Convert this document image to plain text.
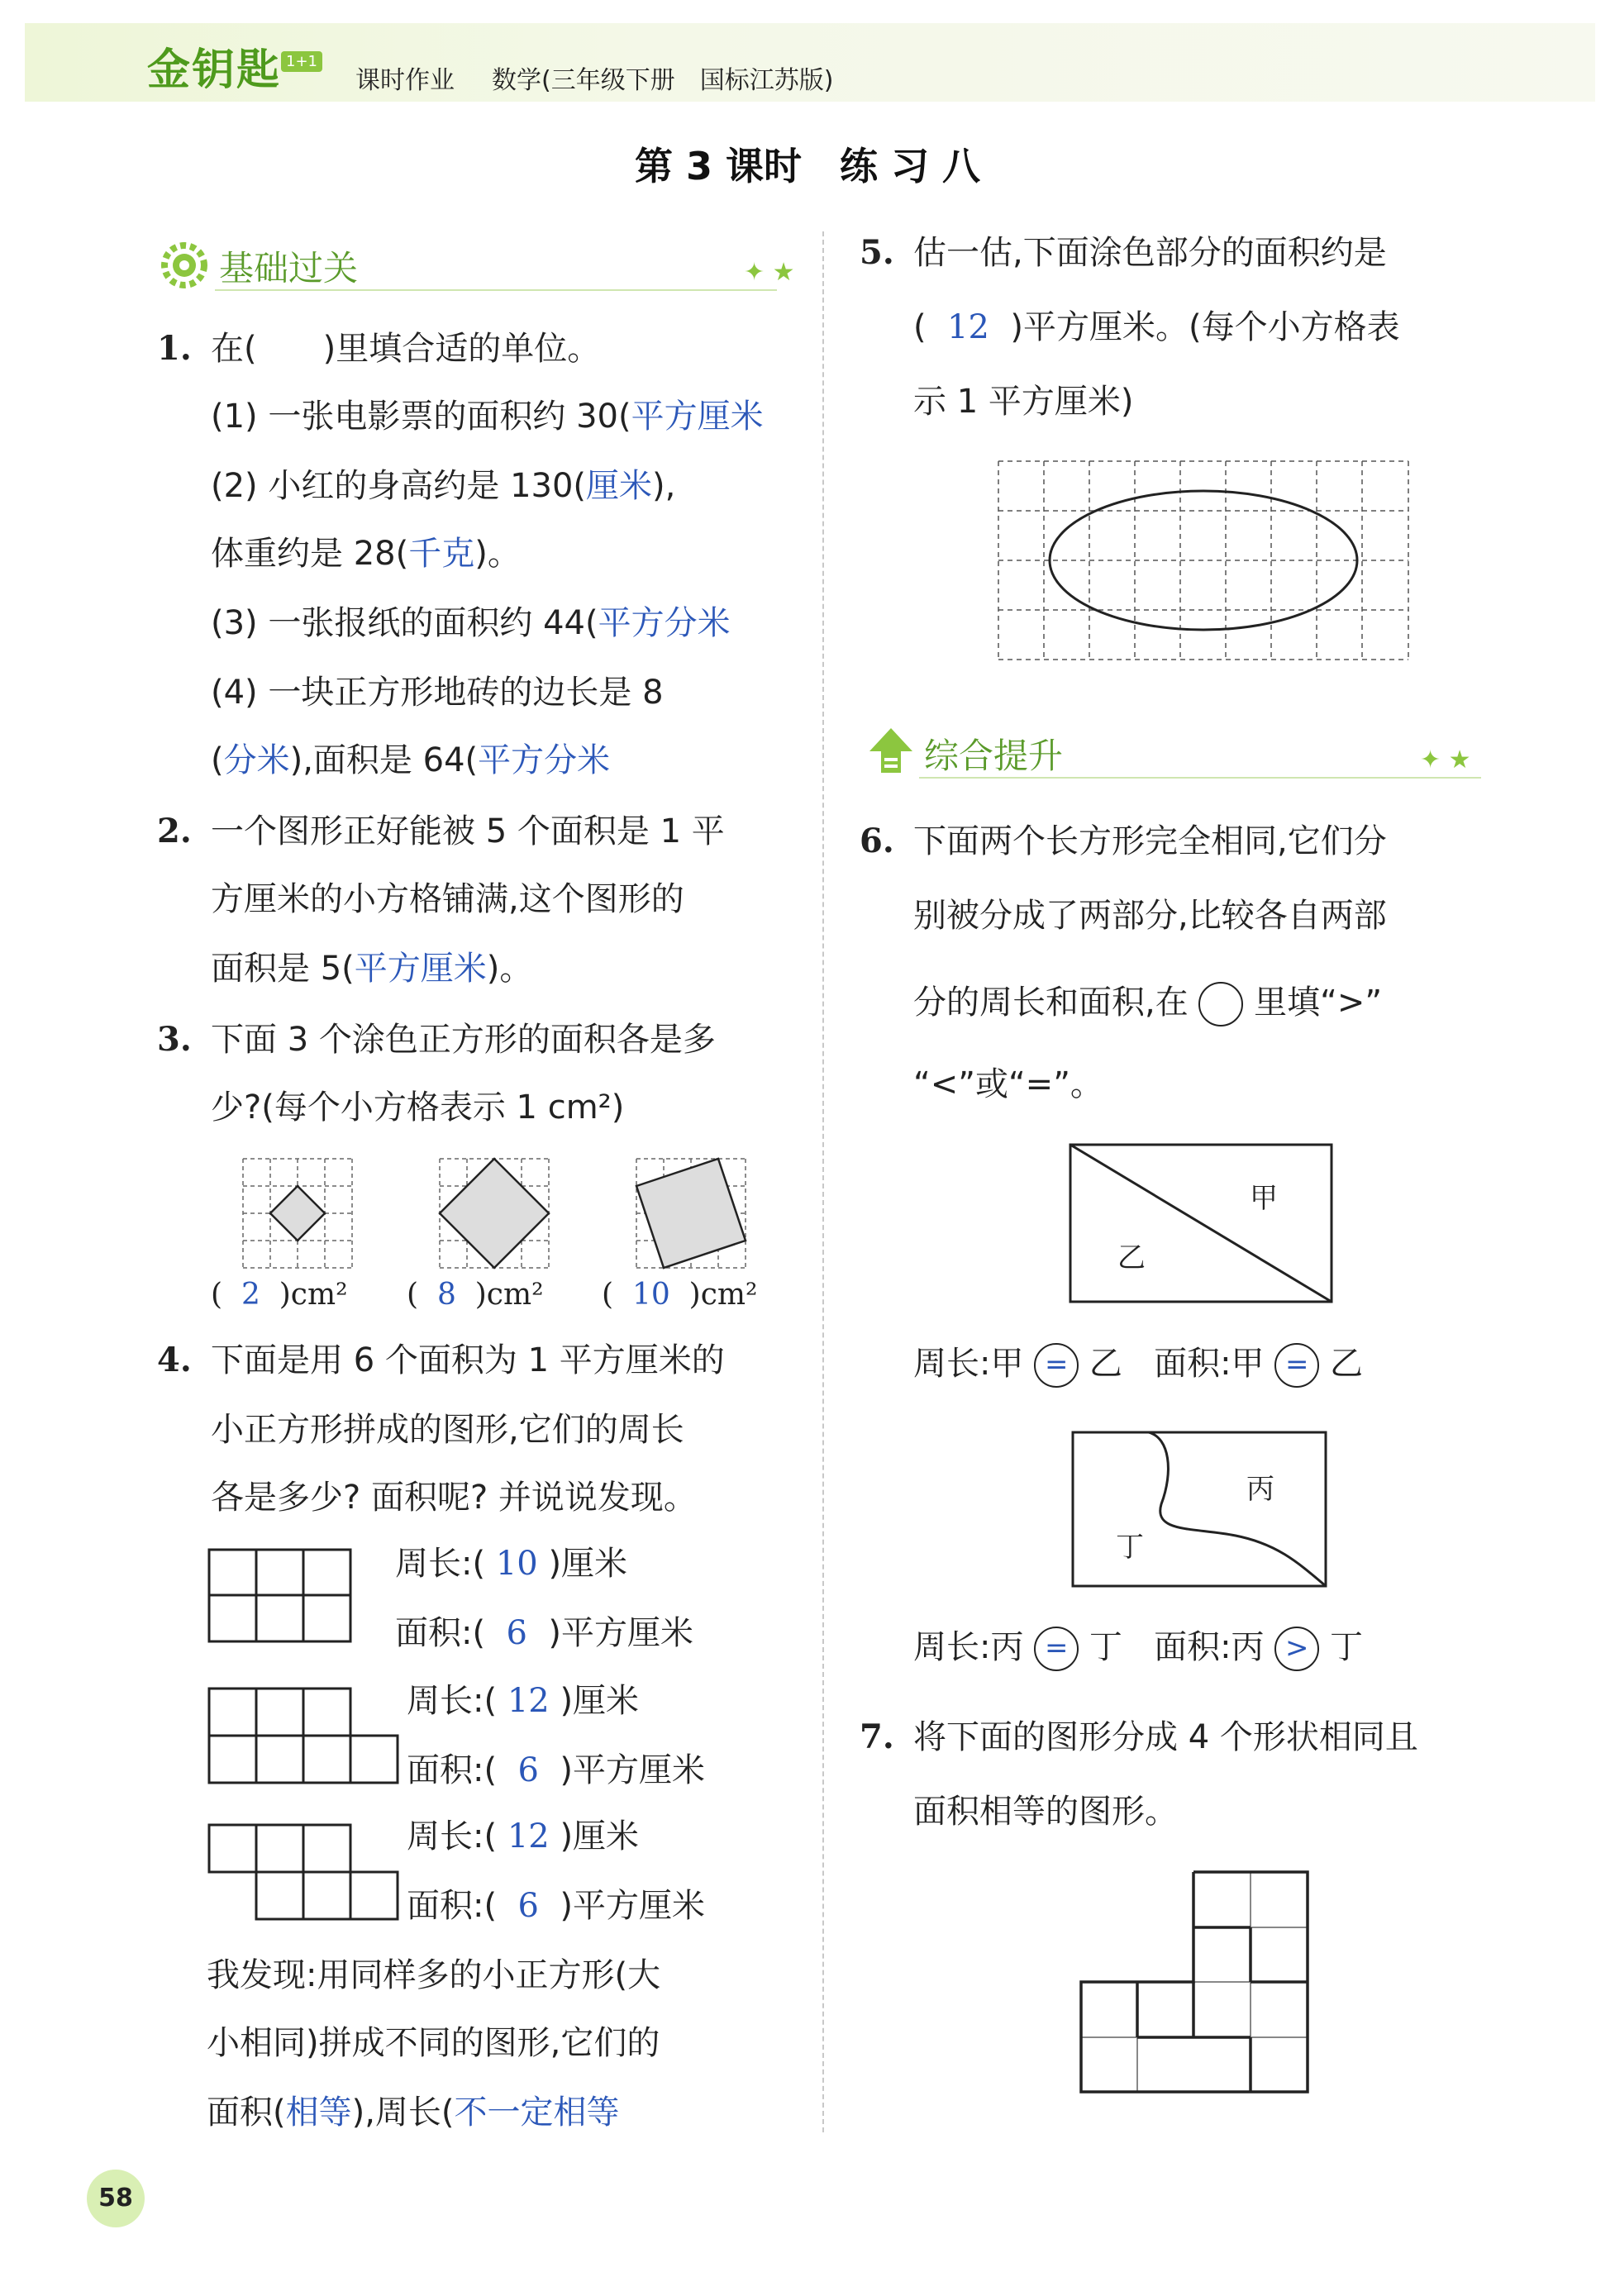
金钥匙 1+1
课时作业 数学(三年级下册　国标江苏版)
第 3 课时　练 习 八
基础过关	✦ ★
1. 在(　　)里填合适的单位。
(1) 一张电影票的面积约 30(平方厘米
(2) 小红的身高约是 130(厘米),
体重约是 28(千克)。
(3) 一张报纸的面积约 44(平方分米
(4) 一块正方形地砖的边长是 8
(分米),面积是 64(平方分米
2. 一个图形正好能被 5 个面积是 1 平
方厘米的小方格铺满,这个图形的
面积是 5(平方厘米)。
3. 下面 3 个涂色正方形的面积各是多
少?(每个小方格表示 1 cm²)
(  2  )cm² (  8  )cm² (  10  )cm²
4. 下面是用 6 个面积为 1 平方厘米的
小正方形拼成的图形,它们的周长
各是多少? 面积呢? 并说说发现。
周长:( 10 )厘米
面积:( 6 )平方厘米
周长:( 12 )厘米
面积:( 6 )平方厘米
周长:( 12 )厘米
面积:( 6 )平方厘米
我发现:用同样多的小正方形(大
小相同)拼成不同的图形,它们的
面积(相等),周长(不一定相等
5. 估一估,下面涂色部分的面积约是
( 12 )平方厘米。(每个小方格表
示 1 平方厘米)
综合提升	✦ ★
6. 下面两个长方形完全相同,它们分
别被分成了两部分,比较各自两部
分的周长和面积,在 里填“>”
“<”或“=”。
甲
乙
周长:甲 = 乙 面积:甲 = 乙
丙
丁
周长:丙 = 丁 面积:丙 > 丁
7. 将下面的图形分成 4 个形状相同且
面积相等的图形。
58
